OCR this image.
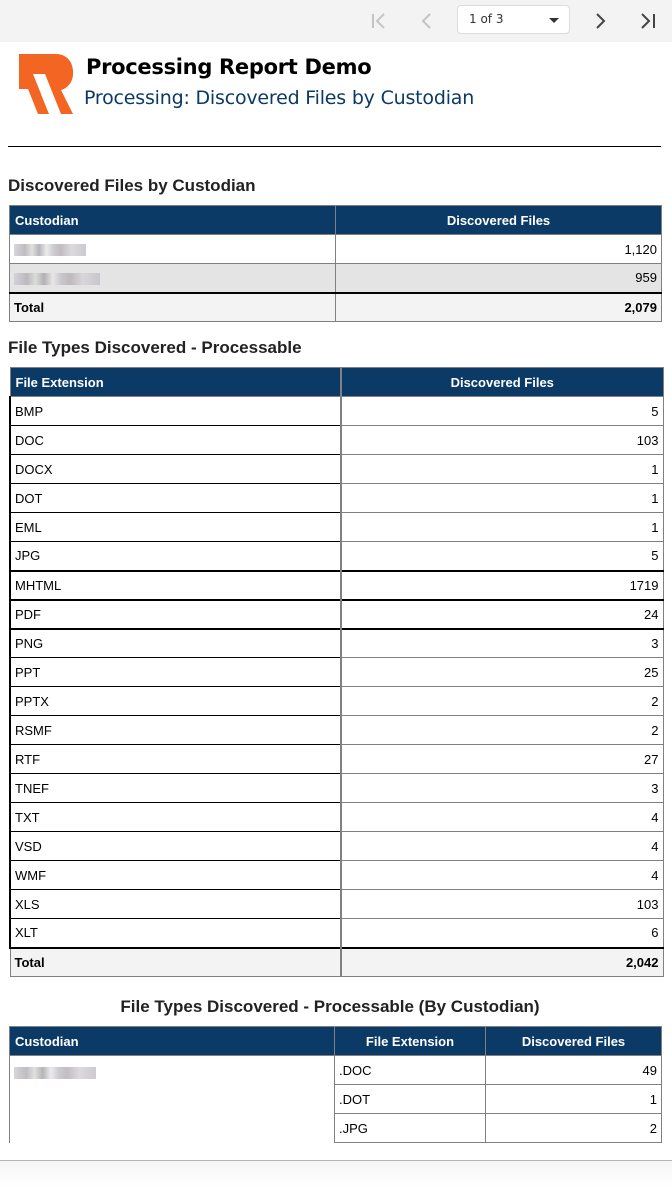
1 of 3
Processing Report Demo
Processing: Discovered Files by Custodian
Discovered Files by Custodian
Custodian	Discovered Files
	1,120
	959
Total	2,079
File Types Discovered - Processable
File Extension	Discovered Files
BMP	5
DOC	103
DOCX	1
DOT	1
EML	1
JPG	5
MHTML	1719
PDF	24
PNG	3
PPT	25
PPTX	2
RSMF	2
RTF	27
TNEF	3
TXT	4
VSD	4
WMF	4
XLS	103
XLT	6
Total	2,042
File Types Discovered - Processable (By Custodian)
Custodian	File Extension	Discovered Files
	.DOC	49
	.DOT	1
	.JPG	2
